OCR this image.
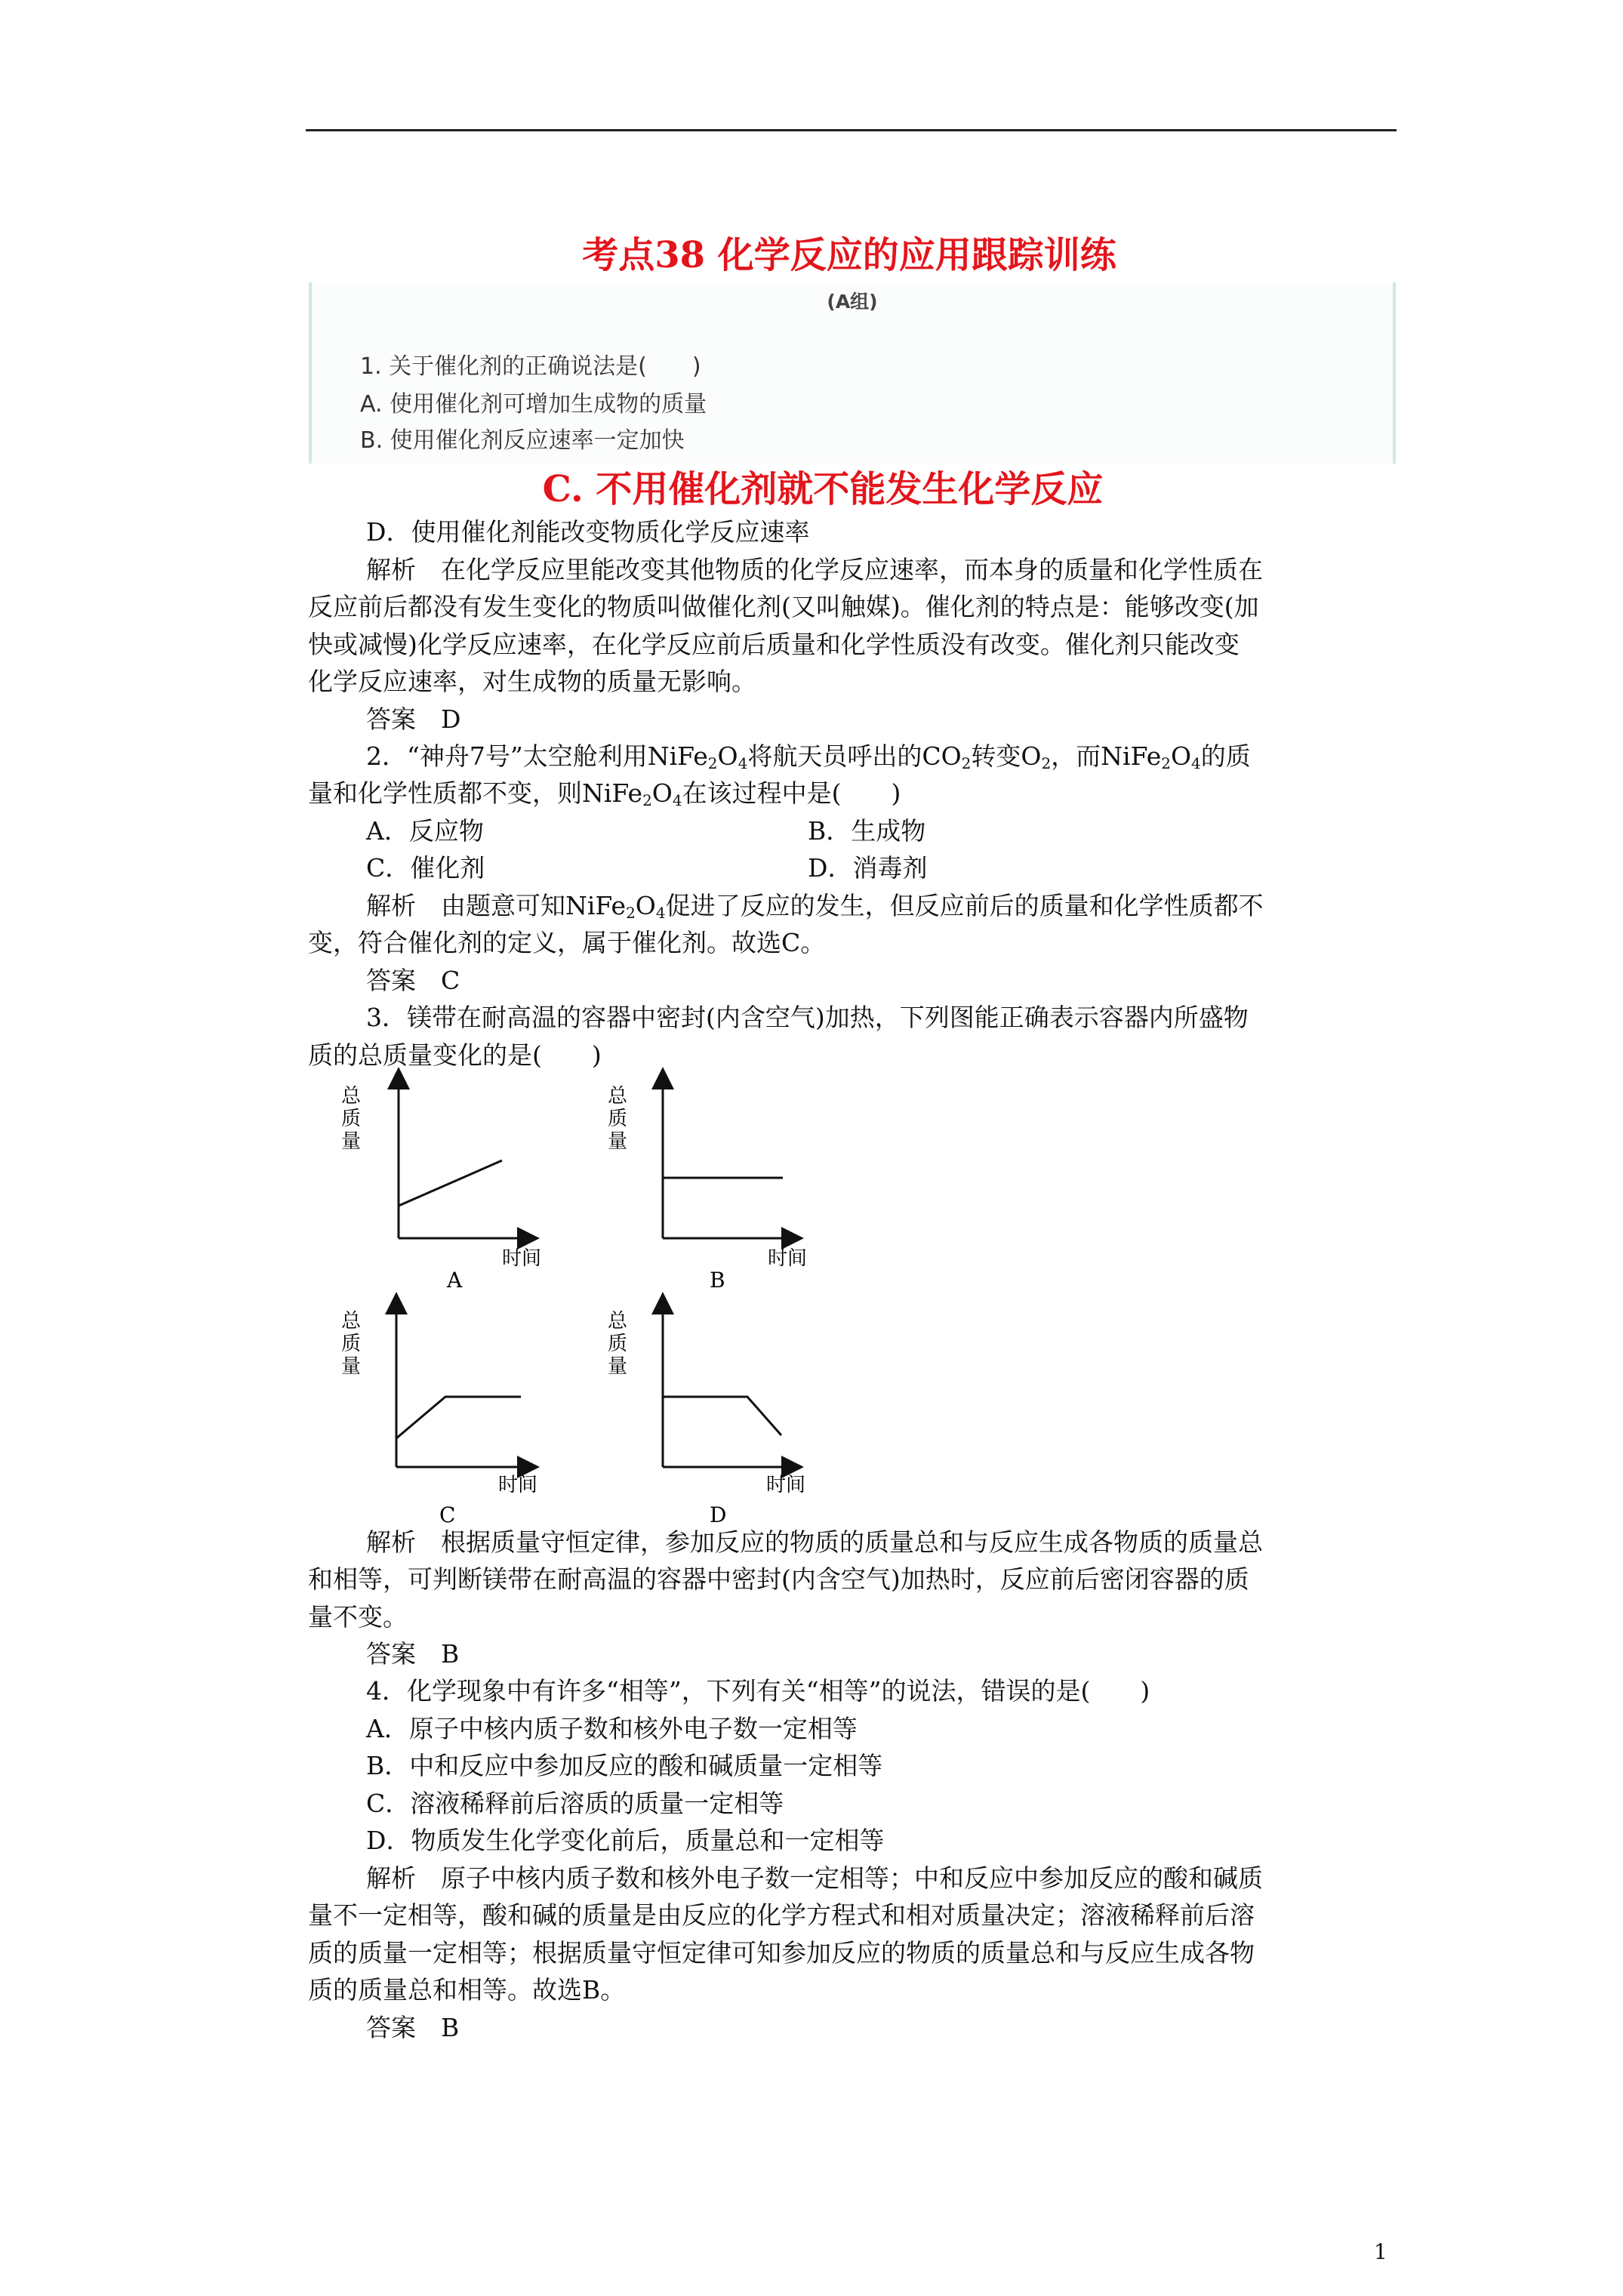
考点38 化学反应的应用跟踪训练
(A组)
1. 关于催化剂的正确说法是(　　)
A. 使用催化剂可增加生成物的质量
B. 使用催化剂反应速率一定加快
C. 不用催化剂就不能发生化学反应
D．使用催化剂能改变物质化学反应速率
解析　在化学反应里能改变其他物质的化学反应速率，而本身的质量和化学性质在
反应前后都没有发生变化的物质叫做催化剂(又叫触媒)。催化剂的特点是：能够改变(加
快或减慢)化学反应速率，在化学反应前后质量和化学性质没有改变。催化剂只能改变
化学反应速率，对生成物的质量无影响。
答案　D
2．“神舟7号”太空舱利用$NiFe_2O_4$将航天员呼出的$CO_2$转变$O_2$，而$NiFe_2O_4$的质
量和化学性质都不变，则$NiFe_2O_4$在该过程中是(　　)
A．反应物	B．生成物
C．催化剂	D．消毒剂
解析　由题意可知$NiFe_2O_4$促进了反应的发生，但反应前后的质量和化学性质都不
变，符合催化剂的定义，属于催化剂。故选C。
答案　C
3．镁带在耐高温的容器中密封(内含空气)加热，下列图能正确表示容器内所盛物
质的总质量变化的是(　　)
总
质
量
时间
A
总
质
量
时间
B
总
质
量
时间
C
总
质
量
时间
D
解析　根据质量守恒定律，参加反应的物质的质量总和与反应生成各物质的质量总
和相等，可判断镁带在耐高温的容器中密封(内含空气)加热时，反应前后密闭容器的质
量不变。
答案　B
4．化学现象中有许多“相等”，下列有关“相等”的说法，错误的是(　　)
A．原子中核内质子数和核外电子数一定相等
B．中和反应中参加反应的酸和碱质量一定相等
C．溶液稀释前后溶质的质量一定相等
D．物质发生化学变化前后，质量总和一定相等
解析　原子中核内质子数和核外电子数一定相等；中和反应中参加反应的酸和碱质
量不一定相等，酸和碱的质量是由反应的化学方程式和相对质量决定；溶液稀释前后溶
质的质量一定相等；根据质量守恒定律可知参加反应的物质的质量总和与反应生成各物
质的质量总和相等。故选B。
答案　B
1
